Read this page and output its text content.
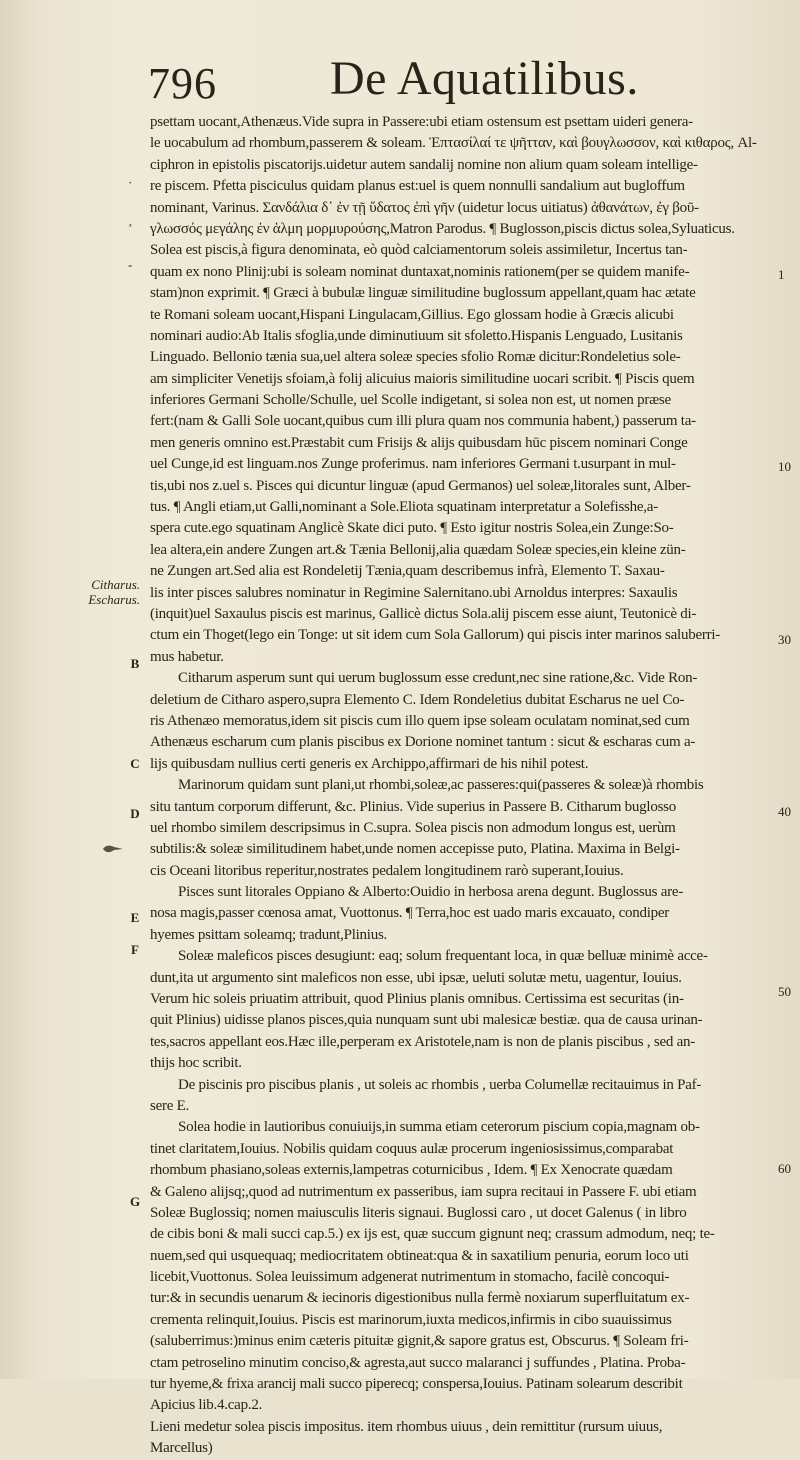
796 De Aquatilibus.
Citharus.
Escharus.
B
C
D
E
F
G
·
¸
-
1
10
30
40
50
60
psettam uocant,Athenæus.Vide supra in Passere:ubi etiam ostensum est psettam uideri genera-
le uocabulum ad rhombum,passerem & soleam. Ἐπτασίλαί τε ψῆτταν, καὶ βουγλωσσον, καὶ κιθαρος, Al-
ciphron in epistolis piscatorijs.uidetur autem sandalij nomine non alium quam soleam intellige-
re piscem. Pfetta pisciculus quidam planus est:uel is quem nonnulli sandalium aut bugloffum
nominant, Varinus. Σανδάλια δ᾽ ἐν τῇ ὕδατος ἐπὶ γῆν (uidetur locus uitiatus) ἀθανάτων, ἐγ βοῦ-
γλωσσός μεγάλης ἐν ἁλμη μορμυρούσης,Matron Parodus. ¶ Buglosson,piscis dictus solea,Syluaticus.
Solea est piscis,à figura denominata, eò quòd calciamentorum soleis assimiletur, Incertus tan-
quam ex nono Plinij:ubi is soleam nominat duntaxat,nominis rationem(per se quidem manife-
stam)non exprimit. ¶ Græci à bubulæ linguæ similitudine buglossum appellant,quam hac ætate
te Romani soleam uocant,Hispani Lingulacam,Gillius. Ego glossam hodie à Græcis alicubi
nominari audio:Ab Italis sfoglia,unde diminutiuum sit sfoletto.Hispanis Lenguado, Lusitanis
Linguado. Bellonio tænia sua,uel altera soleæ species sfolio Romæ dicitur:Rondeletius sole-
am simpliciter Venetijs sfoiam,à folij alicuius maioris similitudine uocari scribit. ¶ Piscis quem
inferiores Germani Scholle/Schulle, uel Scolle indigetant, si solea non est, ut nomen præse
fert:(nam & Galli Sole uocant,quibus cum illi plura quam nos communia habent,) passerum ta-
men generis omnino est.Præstabit cum Frisijs & alijs quibusdam hūc piscem nominari Conge
uel Cunge,id est linguam.nos Zunge proferimus. nam inferiores Germani t.usurpant in mul-
tis,ubi nos z.uel s. Pisces qui dicuntur linguæ (apud Germanos) uel soleæ,litorales sunt, Alber-
tus. ¶ Angli etiam,ut Galli,nominant a Sole.Eliota squatinam interpretatur a Solefisshe,a-
spera cute.ego squatinam Anglicè Skate dici puto. ¶ Esto igitur nostris Solea,ein Zunge:So-
lea altera,ein andere Zungen art.& Tænia Bellonij,alia quædam Soleæ species,ein kleine zün-
ne Zungen art.Sed alia est Rondeletij Tænia,quam describemus infrà, Elemento T. Saxau-
lis inter pisces salubres nominatur in Regimine Salernitano.ubi Arnoldus interpres: Saxaulis
(inquit)uel Saxaulus piscis est marinus, Gallicè dictus Sola.alij piscem esse aiunt, Teutonicè di-
ctum ein Thoget(lego ein Tonge: ut sit idem cum Sola Gallorum) qui piscis inter marinos saluberri-
mus habetur.
Citharum asperum sunt qui uerum buglossum esse credunt,nec sine ratione,&c. Vide Ron-
deletium de Citharo aspero,supra Elemento C. Idem Rondeletius dubitat Escharus ne uel Co-
ris Athenæo memoratus,idem sit piscis cum illo quem ipse soleam oculatam nominat,sed cum
Athenæus escharum cum planis piscibus ex Dorione nominet tantum : sicut & escharas cum a-
lijs quibusdam nullius certi generis ex Archippo,affirmari de his nihil potest.
Marinorum quidam sunt plani,ut rhombi,soleæ,ac passeres:qui(passeres & soleæ)à rhombis
situ tantum corporum differunt, &c. Plinius. Vide superius in Passere B. Citharum buglosso
uel rhombo similem descripsimus in C.supra. Solea piscis non admodum longus est, uerùm
subtilis:& soleæ similitudinem habet,unde nomen accepisse puto, Platina. Maxima in Belgi-
cis Oceani litoribus reperitur,nostrates pedalem longitudinem rarò superant,Iouius.
Pisces sunt litorales Oppiano & Alberto:Ouidio in herbosa arena degunt. Buglossus are-
nosa magis,passer cœnosa amat, Vuottonus. ¶ Terra,hoc est uado maris excauato, condiper
hyemes psittam soleamq; tradunt,Plinius.
Soleæ maleficos pisces desugiunt: eaq; solum frequentant loca, in quæ belluæ minimè acce-
dunt,ita ut argumento sint maleficos non esse, ubi ipsæ, ueluti solutæ metu, uagentur, Iouius.
Verum hic soleis priuatim attribuit, quod Plinius planis omnibus. Certissima est securitas (in-
quit Plinius) uidisse planos pisces,quia nunquam sunt ubi malesicæ bestiæ. qua de causa urinan-
tes,sacros appellant eos.Hæc ille,perperam ex Aristotele,nam is non de planis piscibus , sed an-
thijs hoc scribit.
De piscinis pro piscibus planis , ut soleis ac rhombis , uerba Columellæ recitauimus in Paf-
sere E.
Solea hodie in lautioribus conuiuijs,in summa etiam ceterorum piscium copia,magnam ob-
tinet claritatem,Iouius. Nobilis quidam coquus aulæ procerum ingeniosissimus,comparabat
rhombum phasiano,soleas externis,lampetras coturnicibus , Idem. ¶ Ex Xenocrate quædam
& Galeno alijsq;,quod ad nutrimentum ex passeribus, iam supra recitaui in Passere F. ubi etiam
Soleæ Buglossiq; nomen maiusculis literis signaui. Buglossi caro , ut docet Galenus ( in libro
de cibis boni & mali succi cap.5.) ex ijs est, quæ succum gignunt neq; crassum admodum, neq; te-
nuem,sed qui usquequaq; mediocritatem obtineat:qua & in saxatilium penuria, eorum loco uti
licebit,Vuottonus. Solea leuissimum adgenerat nutrimentum in stomacho, facilè concoqui-
tur:& in secundis uenarum & iecinoris digestionibus nulla fermè noxiarum superfluitatum ex-
crementa relinquit,Iouius. Piscis est marinorum,iuxta medicos,infirmis in cibo suauissimus
(saluberrimus:)minus enim cæteris pituitæ gignit,& sapore gratus est, Obscurus. ¶ Soleam fri-
ctam petroselino minutim conciso,& agresta,aut succo malaranci j suffundes , Platina. Proba-
tur hyeme,& frixa arancij mali succo piperecq; conspersa,Iouius. Patinam solearum describit
Apicius lib.4.cap.2.
Lieni medetur solea piscis impositus. item rhombus uiuus , dein remittitur (rursum uiuus,
Marcellus)
